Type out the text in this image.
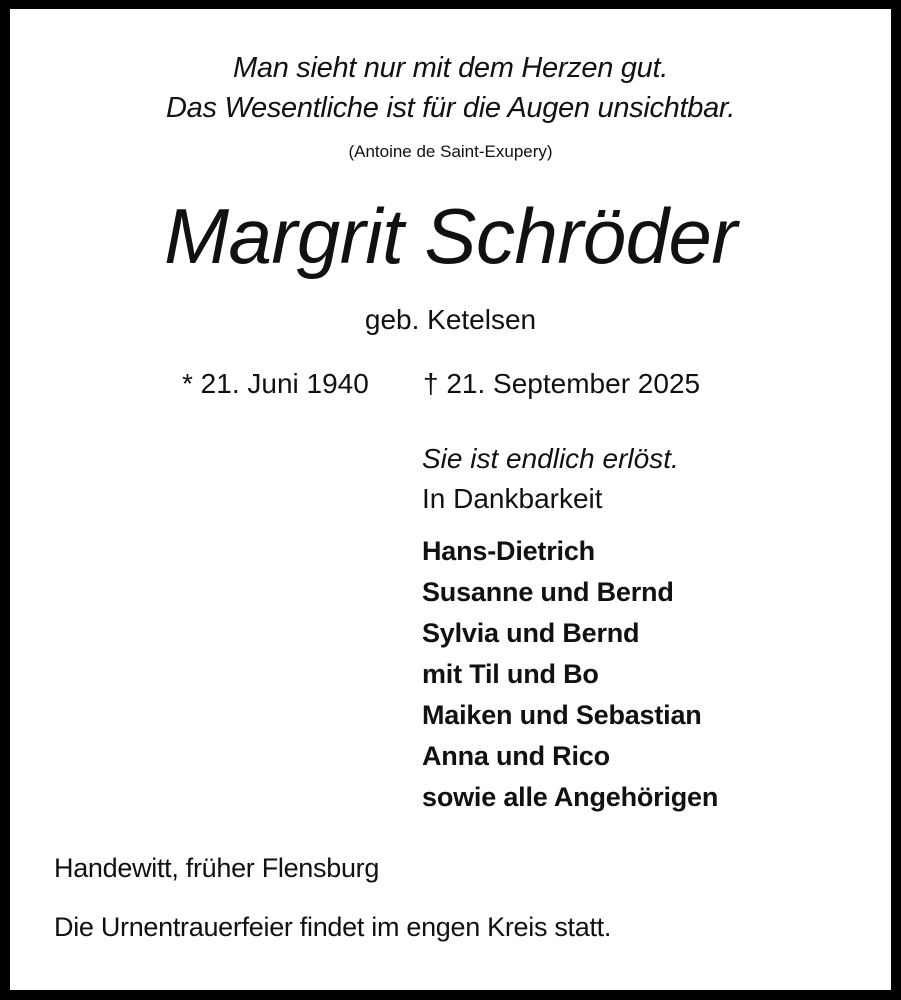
Man sieht nur mit dem Herzen gut.
Das Wesentliche ist für die Augen unsichtbar.
(Antoine de Saint-Exupery)
Margrit Schröder
geb. Ketelsen
* 21. Juni 1940 † 21. September 2025
Sie ist endlich erlöst.
In Dankbarkeit
Hans-Dietrich
Susanne und Bernd
Sylvia und Bernd
mit Til und Bo
Maiken und Sebastian
Anna und Rico
sowie alle Angehörigen
Handewitt, früher Flensburg
Die Urnentrauerfeier findet im engen Kreis statt.
